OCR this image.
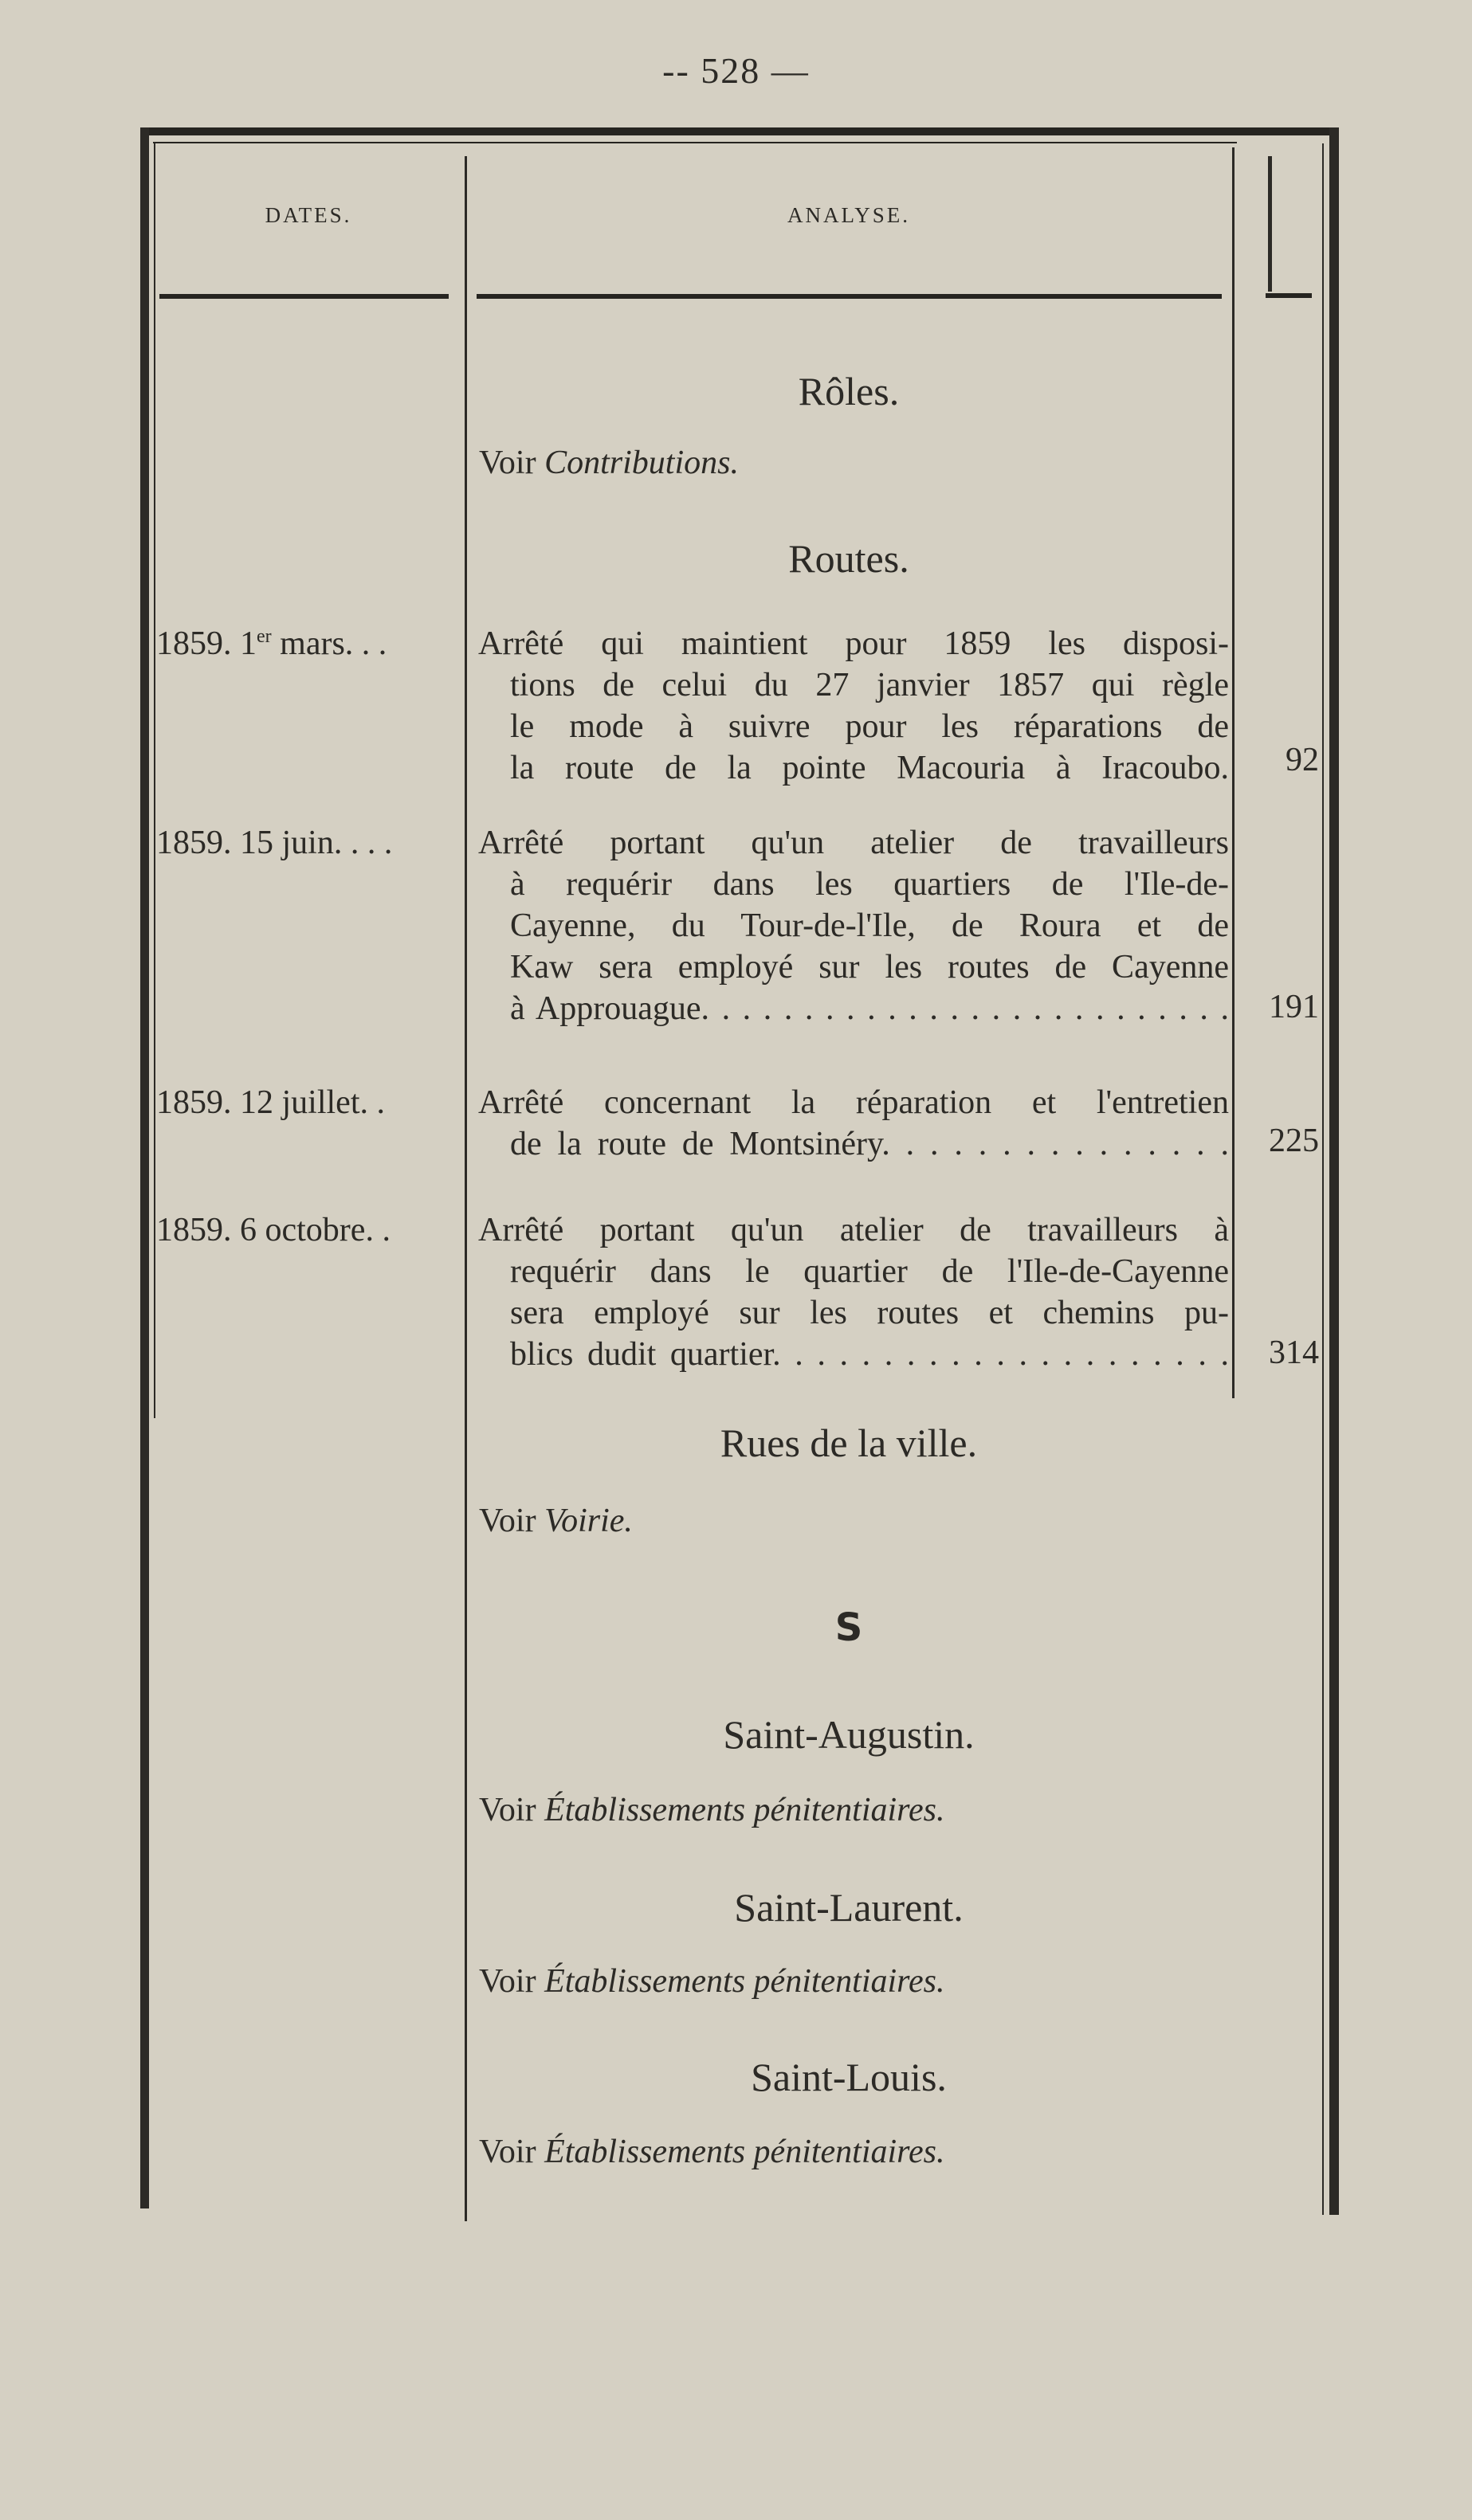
-- 528 —
DATES.	ANALYSE.
Rôles.
Voir Contributions.
Routes.
1859. 1er mars. . .	Arrêté qui maintient pour 1859 les disposi-
tions de celui du 27 janvier 1857 qui règle
le mode à suivre pour les réparations de
la route de la pointe Macouria à Iracoubo.	92
1859. 15 juin. . . .	Arrêté portant qu'un atelier de travailleurs
à requérir dans les quartiers de l'Ile-de-
Cayenne, du Tour-de-l'Ile, de Roura et de
Kaw sera employé sur les routes de Cayenne
à Approuague. . . . . . . . . . . . . . . . . . . . . . . . . .	191
1859. 12 juillet. .	Arrêté concernant la réparation et l'entretien
de la route de Montsinéry. . . . . . . . . . . . . . .	225
1859. 6 octobre. .	Arrêté portant qu'un atelier de travailleurs à
requérir dans le quartier de l'Ile-de-Cayenne
sera employé sur les routes et chemins pu-
blics dudit quartier. . . . . . . . . . . . . . . . . . . . .	314
Rues de la ville.
Voir Voirie.
S
Saint-Augustin.
Voir Établissements pénitentiaires.
Saint-Laurent.
Voir Établissements pénitentiaires.
Saint-Louis.
Voir Établissements pénitentiaires.
